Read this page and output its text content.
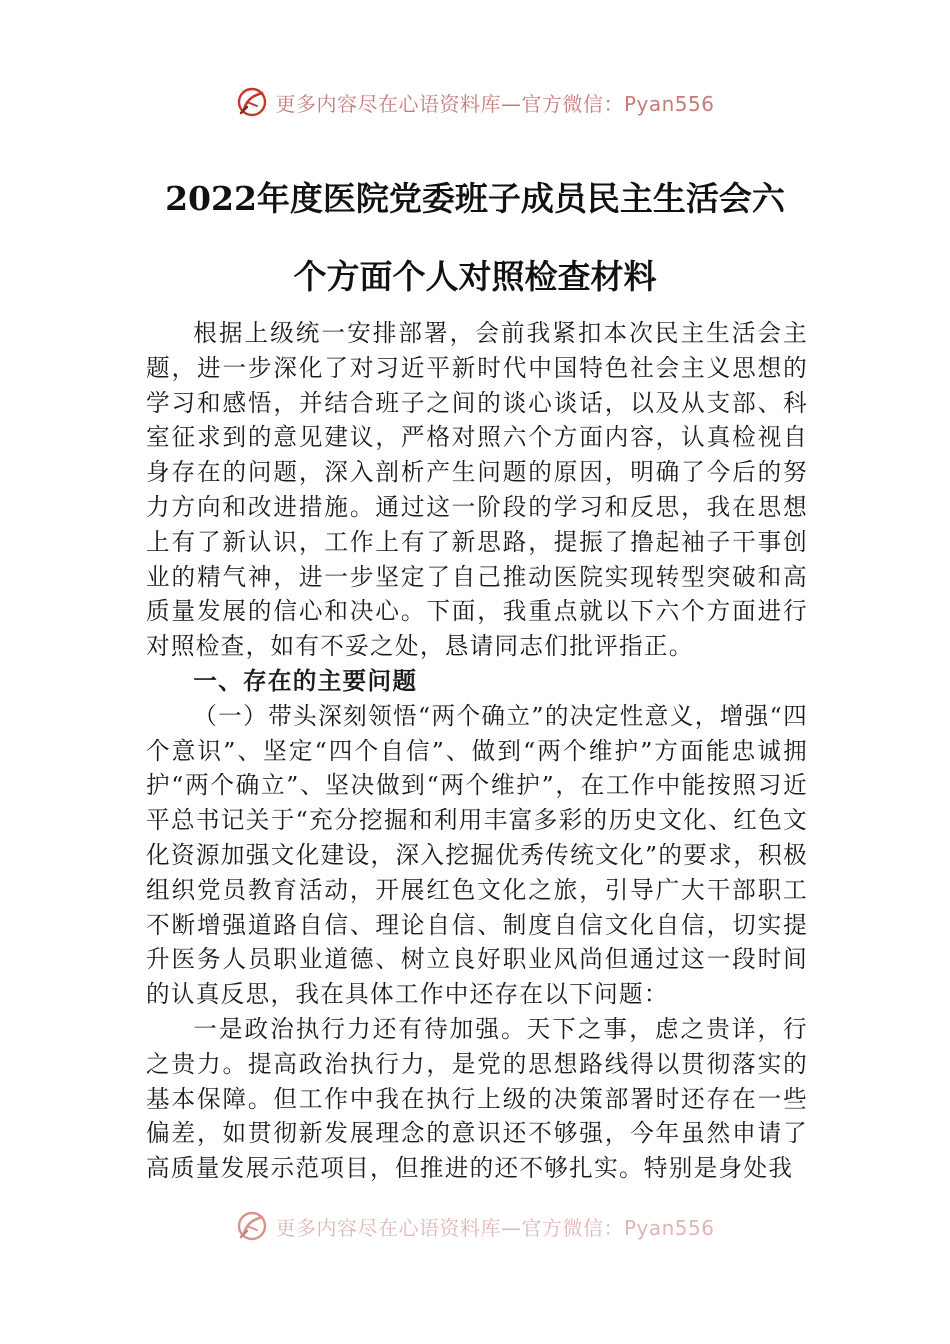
更多内容尽在心语资料库—官方微信：Pyan556
2022年度医院党委班子成员民主生活会六
个方面个人对照检查材料

根据上级统一安排部署，会前我紧扣本次民主生活会主题，进一步深化了对习近平新时代中国特色社会主义思想的学习和感悟，并结合班子之间的谈心谈话，以及从支部、科室征求到的意见建议，严格对照六个方面内容，认真检视自身存在的问题，深入剖析产生问题的原因，明确了今后的努力方向和改进措施。通过这一阶段的学习和反思，我在思想上有了新认识，工作上有了新思路，提振了撸起袖子干事创业的精气神，进一步坚定了自己推动医院实现转型突破和高质量发展的信心和决心。下面，我重点就以下六个方面进行对照检查，如有不妥之处，恳请同志们批评指正。

一、存在的主要问题

（一）带头深刻领悟“两个确立”的决定性意义，增强“四个意识”、坚定“四个自信”、做到“两个维护”方面能忠诚拥护“两个确立”、坚决做到“两个维护”，在工作中能按照习近平总书记关于“充分挖掘和利用丰富多彩的历史文化、红色文化资源加强文化建设，深入挖掘优秀传统文化”的要求，积极组织党员教育活动，开展红色文化之旅，引导广大干部职工不断增强道路自信、理论自信、制度自信文化自信，切实提升医务人员职业道德、树立良好职业风尚但通过这一段时间的认真反思，我在具体工作中还存在以下问题：

一是政治执行力还有待加强。天下之事，虑之贵详，行之贵力。提高政治执行力，是党的思想路线得以贯彻落实的基本保障。但工作中我在执行上级的决策部署时还存在一些偏差，如贯彻新发展理念的意识还不够强，今年虽然申请了高质量发展示范项目，但推进的还不够扎实。特别是身处我

更多内容尽在心语资料库—官方微信：Pyan556
